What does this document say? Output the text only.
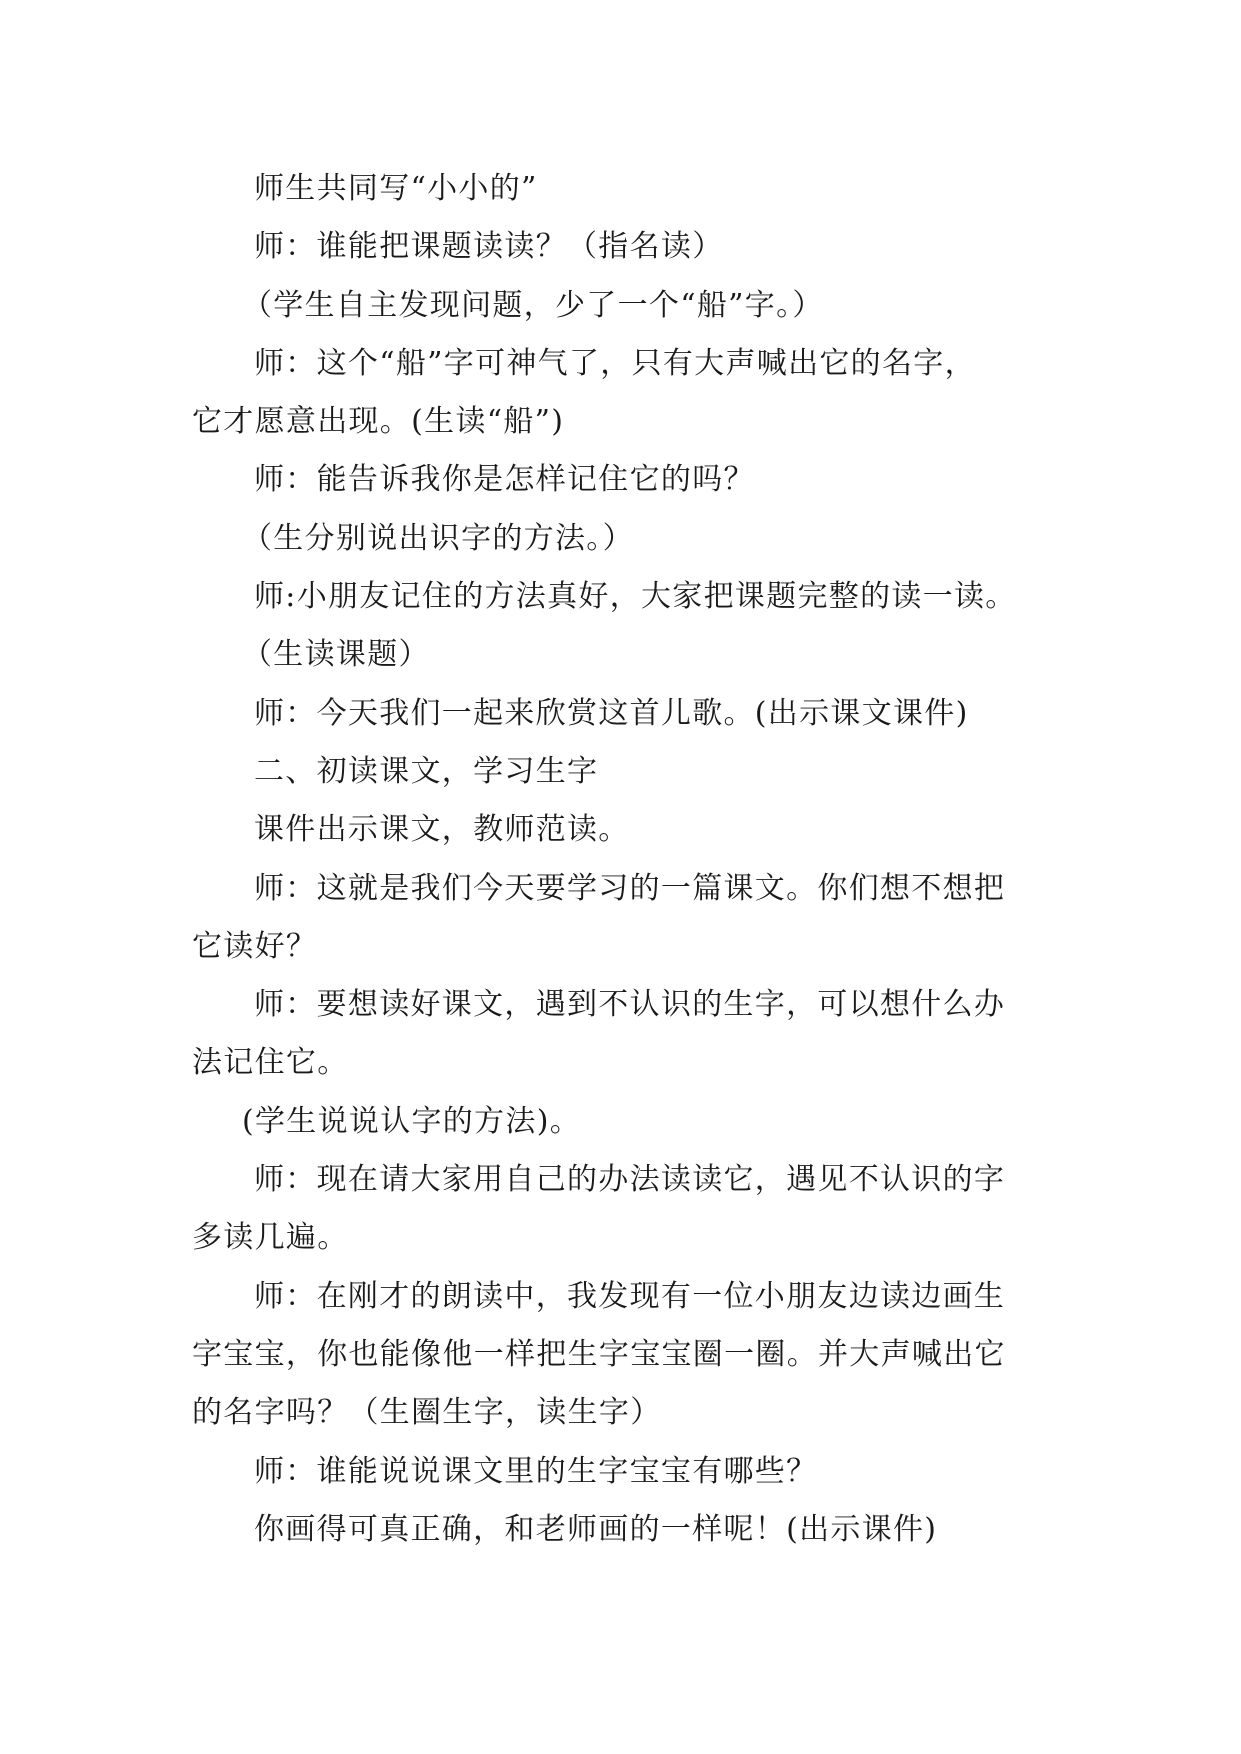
师生共同写“小小的”

师：谁能把课题读读？（指名读）

（学生自主发现问题，少了一个“船”字。）

师：这个“船”字可神气了，只有大声喊出它的名字，

它才愿意出现。(生读“船”)

师：能告诉我你是怎样记住它的吗？

（生分别说出识字的方法。）

师:小朋友记住的方法真好，大家把课题完整的读一读。

（生读课题）

师：今天我们一起来欣赏这首儿歌。(出示课文课件)

二、初读课文，学习生字

课件出示课文，教师范读。

师：这就是我们今天要学习的一篇课文。你们想不想把

它读好？

师：要想读好课文，遇到不认识的生字，可以想什么办

法记住它。

(学生说说认字的方法)。

师：现在请大家用自己的办法读读它，遇见不认识的字

多读几遍。

师：在刚才的朗读中，我发现有一位小朋友边读边画生

字宝宝，你也能像他一样把生字宝宝圈一圈。并大声喊出它

的名字吗？（生圈生字，读生字）

师：谁能说说课文里的生字宝宝有哪些？

你画得可真正确，和老师画的一样呢！(出示课件)
